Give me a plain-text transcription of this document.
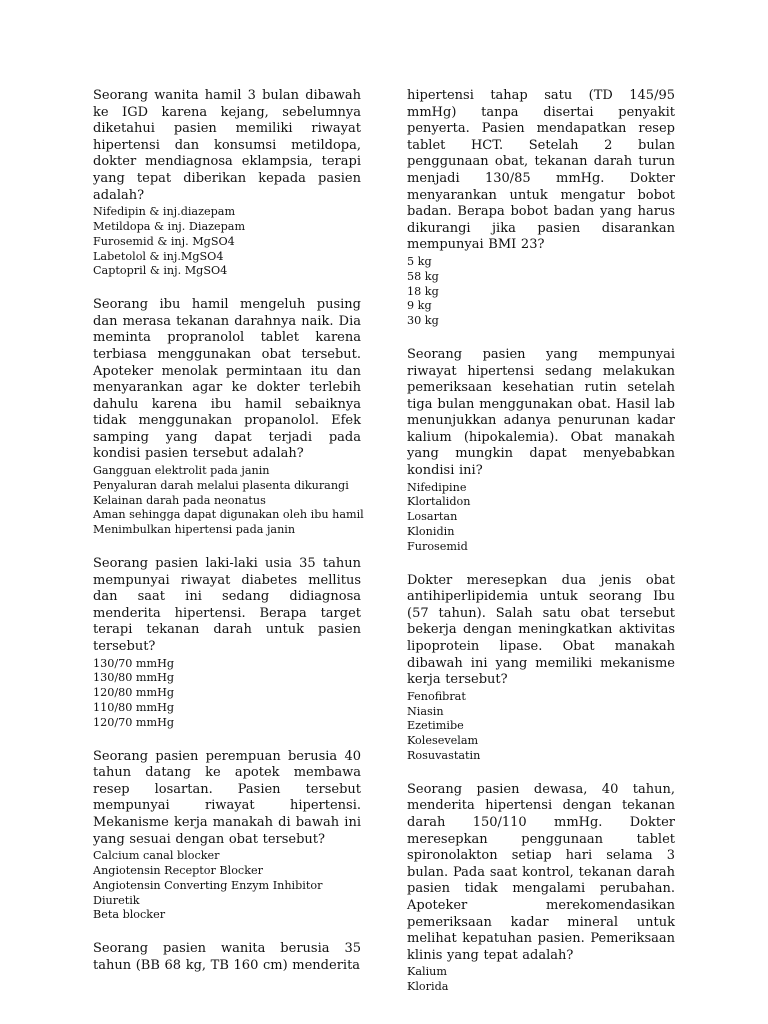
Seorang wanita hamil 3 bulan dibawah ke IGD karena kejang, sebelumnya diketahui pasien memiliki riwayat hipertensi dan konsumsi metildopa, dokter mendiagnosa eklampsia, terapi yang tepat diberikan kepada pasien adalah?

Nifedipin & inj.diazepam
Metildopa & inj. Diazepam
Furosemid & inj. MgSO4
Labetolol & inj.MgSO4
Captopril & inj. MgSO4

Seorang ibu hamil mengeluh pusing dan merasa tekanan darahnya naik. Dia meminta propranolol tablet karena terbiasa menggunakan obat tersebut. Apoteker menolak permintaan itu dan menyarankan agar ke dokter terlebih dahulu karena ibu hamil sebaiknya tidak menggunakan propanolol. Efek samping yang dapat terjadi pada kondisi pasien tersebut adalah?

Gangguan elektrolit pada janin
Penyaluran darah melalui plasenta dikurangi
Kelainan darah pada neonatus
Aman sehingga dapat digunakan oleh ibu hamil
Menimbulkan hipertensi pada janin

Seorang pasien laki-laki usia 35 tahun mempunyai riwayat diabetes mellitus dan saat ini sedang didiagnosa menderita hipertensi. Berapa target terapi tekanan darah untuk pasien tersebut?

130/70 mmHg
130/80 mmHg
120/80 mmHg
110/80 mmHg
120/70 mmHg

Seorang pasien perempuan berusia 40 tahun datang ke apotek membawa resep losartan. Pasien tersebut mempunyai riwayat hipertensi. Mekanisme kerja manakah di bawah ini yang sesuai dengan obat tersebut?

Calcium canal blocker
Angiotensin Receptor Blocker
Angiotensin Converting Enzym Inhibitor
Diuretik
Beta blocker

Seorang pasien wanita berusia 35 tahun (BB 68 kg, TB 160 cm) menderita

hipertensi tahap satu (TD 145/95 mmHg) tanpa disertai penyakit penyerta. Pasien mendapatkan resep tablet HCT. Setelah 2 bulan penggunaan obat, tekanan darah turun menjadi 130/85 mmHg. Dokter menyarankan untuk mengatur bobot badan. Berapa bobot badan yang harus dikurangi jika pasien disarankan mempunyai BMI 23?

5 kg
58 kg
18 kg
9 kg
30 kg

Seorang pasien yang mempunyai riwayat hipertensi sedang melakukan pemeriksaan kesehatian rutin setelah tiga bulan menggunakan obat. Hasil lab menunjukkan adanya penurunan kadar kalium (hipokalemia). Obat manakah yang mungkin dapat menyebabkan kondisi ini?

Nifedipine
Klortalidon
Losartan
Klonidin
Furosemid

Dokter meresepkan dua jenis obat antihiperlipidemia untuk seorang Ibu (57 tahun). Salah satu obat tersebut bekerja dengan meningkatkan aktivitas lipoprotein lipase. Obat manakah dibawah ini yang memiliki mekanisme kerja tersebut?

Fenofibrat
Niasin
Ezetimibe
Kolesevelam
Rosuvastatin

Seorang pasien dewasa, 40 tahun, menderita hipertensi dengan tekanan darah 150/110 mmHg. Dokter meresepkan penggunaan tablet spironolakton setiap hari selama 3 bulan. Pada saat kontrol, tekanan darah pasien tidak mengalami perubahan. Apoteker merekomendasikan pemeriksaan kadar mineral untuk melihat kepatuhan pasien. Pemeriksaan klinis yang tepat adalah?

Kalium
Klorida
